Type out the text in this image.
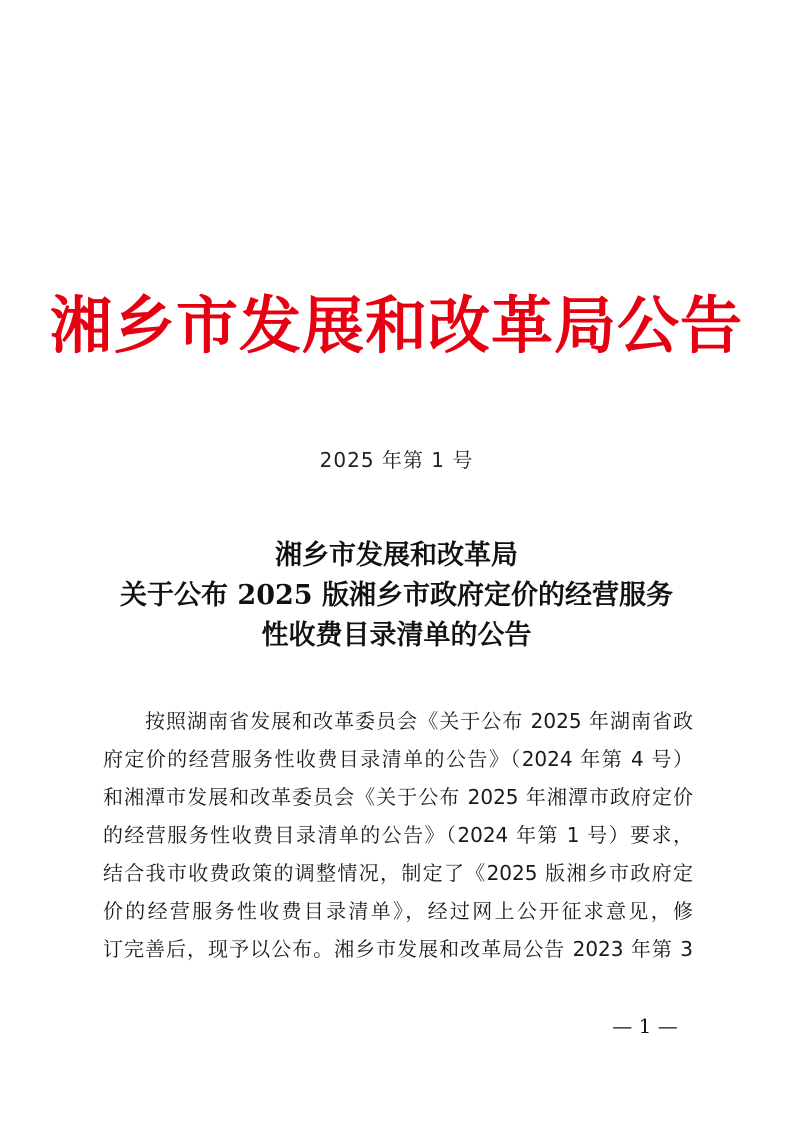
湘乡市发展和改革局公告
2025 年第 1 号
湘乡市发展和改革局
关于公布 2025 版湘乡市政府定价的经营服务
性收费目录清单的公告
按照湖南省发展和改革委员会《关于公布 2025 年湖南省政
府定价的经营服务性收费目录清单的公告》（2024 年第 4 号）
和湘潭市发展和改革委员会《关于公布 2025 年湘潭市政府定价
的经营服务性收费目录清单的公告》（2024 年第 1 号）要求，
结合我市收费政策的调整情况，制定了《2025 版湘乡市政府定
价的经营服务性收费目录清单》，经过网上公开征求意见，修
订完善后，现予以公布。湘乡市发展和改革局公告 2023 年第 3
— 1 —
